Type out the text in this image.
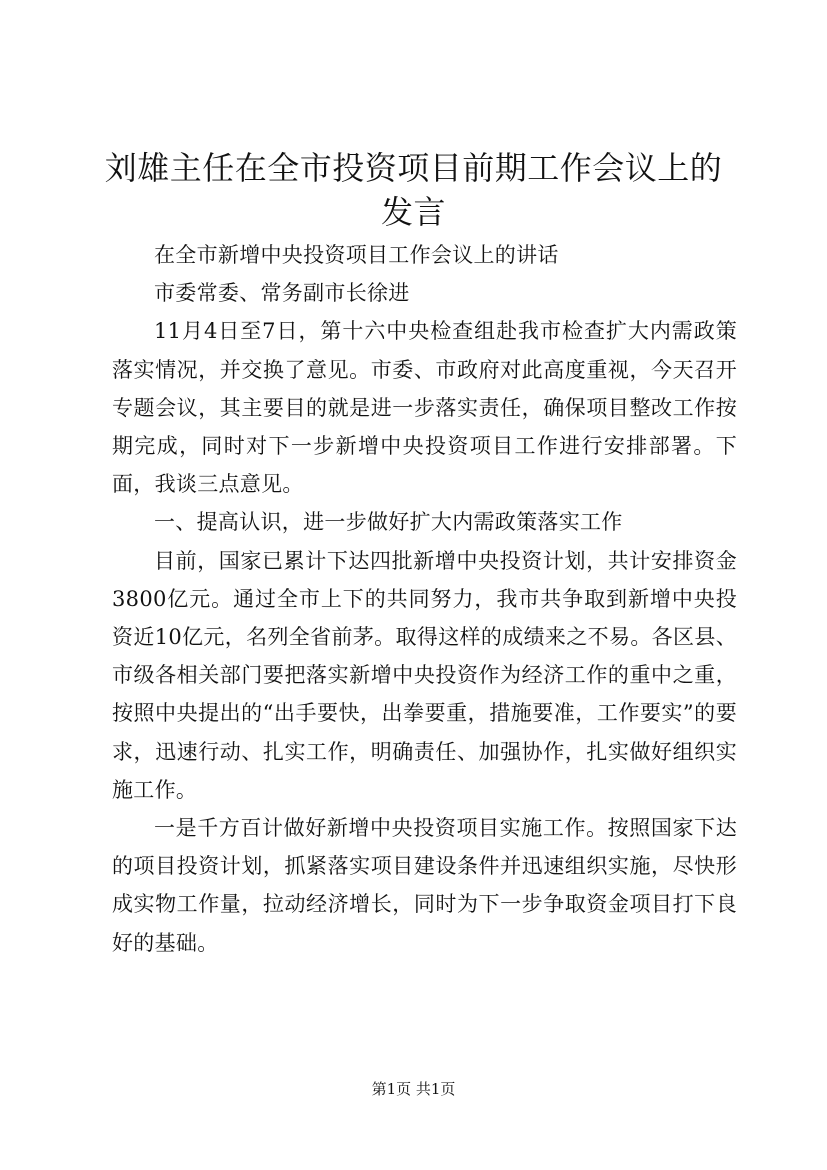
刘雄主任在全市投资项目前期工作会议上的发言

在全市新增中央投资项目工作会议上的讲话

市委常委、常务副市长徐进

11月4日至7日，第十六中央检查组赴我市检查扩大内需政策落实情况，并交换了意见。市委、市政府对此高度重视，今天召开专题会议，其主要目的就是进一步落实责任，确保项目整改工作按期完成，同时对下一步新增中央投资项目工作进行安排部署。下面，我谈三点意见。

一、提高认识，进一步做好扩大内需政策落实工作

目前，国家已累计下达四批新增中央投资计划，共计安排资金3800亿元。通过全市上下的共同努力，我市共争取到新增中央投资近10亿元，名列全省前茅。取得这样的成绩来之不易。各区县、市级各相关部门要把落实新增中央投资作为经济工作的重中之重，按照中央提出的“出手要快，出拳要重，措施要准，工作要实”的要求，迅速行动、扎实工作，明确责任、加强协作，扎实做好组织实施工作。

一是千方百计做好新增中央投资项目实施工作。按照国家下达的项目投资计划，抓紧落实项目建设条件并迅速组织实施，尽快形成实物工作量，拉动经济增长，同时为下一步争取资金项目打下良好的基础。

第1页 共1页
